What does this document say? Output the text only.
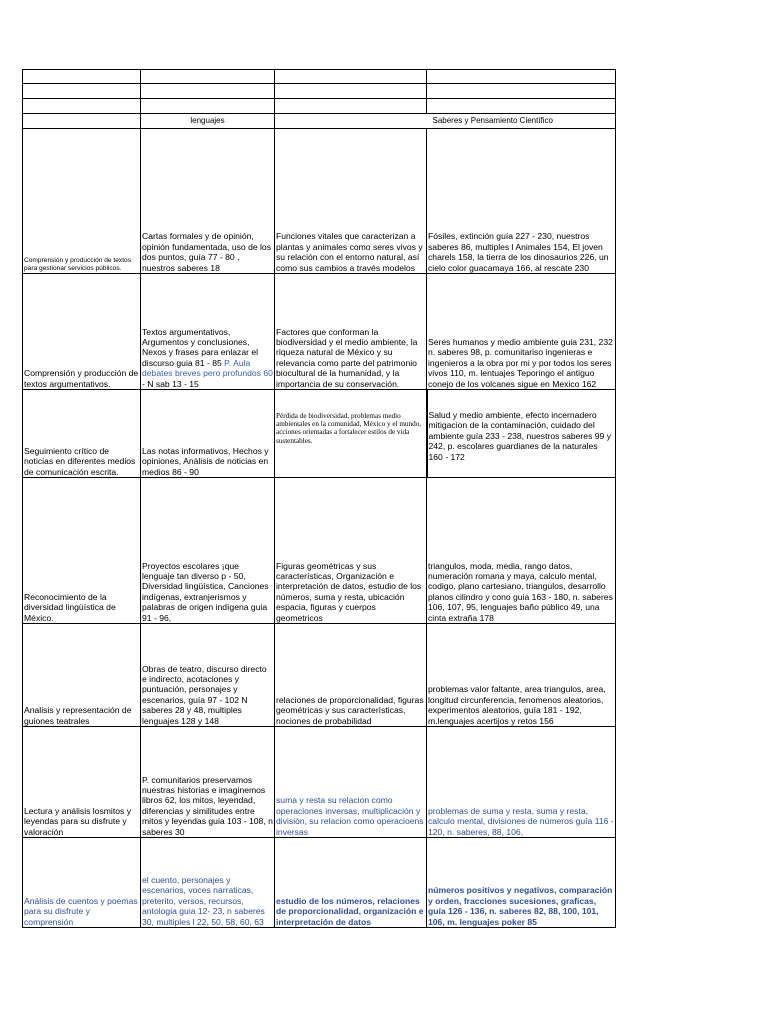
	lenguajes		Saberes y Pensamiento Científico
Comprensión y producción de textos para gestionar servicios públicos.	Cartas formales y de opinión, opinión fundamentada, uso de los dos puntos, guía 77 - 80 , nuestros saberes 18	Funciones vitales que caracterizan a plantas y animales como seres vivos y su relación con el entorno natural, así como sus cambios a través modelos	Fósiles, extinción guía 227 - 230, nuestros saberes 86, multiples l Animales 154, El joven charels 158, la tierra de los dinosaurios 226, un cielo color guacamaya 166, al rescate 230
Comprensión y producción de textos argumentativos.	Textos argumentativos, Argumentos y conclusiones, Nexos y frases para enlazar el discurso guia 81 - 85 P. Aula debates breves pero profundos 60 - N sab 13 - 15	Factores que conforman la biodiversidad y el medio ambiente, la riqueza natural de México y su relevancia como parte del patrimonio biocultural de la humanidad, y la importancia de su conservación.	Seres humanos y medio ambiente guia 231, 232 n. saberes 98, p. comunitariso ingenieras e ingenieros a la obra por mi y por todos los seres vivos 110, m. lentuajes Teporingo el antiguo conejo de los volcanes sigue en Mexico 162
Seguimiento crítico de noticias en diferentes medios de comunicación escrita.	Las notas informativos, Hechos y opiniones, Análisis de noticias en medios 86 - 90	Pérdida de biodiversidad, problemas medio ambientales en la comunidad, México y el mundo, acciones orientadas a fortalecer estilos de vida sustentables.	Salud y medio ambiente, efecto incernadero mitigacion de la contaminación, cuidado del ambiente guía 233 - 238, nuestros saberes 99 y 242, p. escolares guardianes de la naturales 160 - 172
Reconocimiento de la diversidad lingüística de México.	Proyectos escolares ¡que lenguaje tan diverso p - 50, Diversidad lingüística, Canciones indígenas, extranjerismos y palabras de origen indígena guia 91 - 96,	Figuras geométricas y sus características, Organización e interpretación de datos, estudio de los números, suma y resta, ubicación espacia, figuras y cuerpos geometricos	triangulos, moda, media, rango datos, numeración romana y maya, calculo mental, codigo, plano cartesiano, triangulos, desarrollo planos cilindro y cono guia 163 - 180, n. saberes 106, 107, 95, lenguajes baño público 49, una cinta extraña 178
Analisis y representación de guiones teatrales	Obras de teatro, discurso directo e indirecto, acotaciones y puntuación, personajes y escenarios, guía 97 - 102 N saberes 28 y 48, multiples lenguajes 128 y 148	relaciones de proporcionalidad, figuras geométricas y sus características, nociones de probabilidad	problemas valor faltante, area triangulos, area, longitud circunferencia, fenomenos aleatorios, experimentos aleatorios, guía 181 - 192, m.lenguajes acertijos y retos 156
Lectura y análisis losmitos y leyendas para su disfrute y valoración	P. comunitarios preservamos nuestras historias e imaginemos libros 62, los mitos, leyendad, diferencias y similitudes entre mitos y leyendas guia 103 - 108, n saberes 30	suma y resta su relacion como operaciones inversas, multiplicación y división, su relacion como operacioens inversas	problemas de suma y resta, suma y resta, calculo mental, divisiones de números guía 116 - 120, n. saberes, 88, 106,
Análisis de cuentos y poemas para su disfrute y comprensión	el cuento, personajes y escenarios, voces narraticas, preterito, versos, recursos, antologia guia 12- 23, n saberes 30, multiples l 22, 50, 58, 60, 63	estudio de los números, relaciones de proporcionalidad, organización e interpretación de datos	números positivos y negativos, comparación y orden, fracciones sucesiones, graficas, guía 126 - 136, n. saberes 82, 88, 100, 101, 106, m. lenguajes poker 85
